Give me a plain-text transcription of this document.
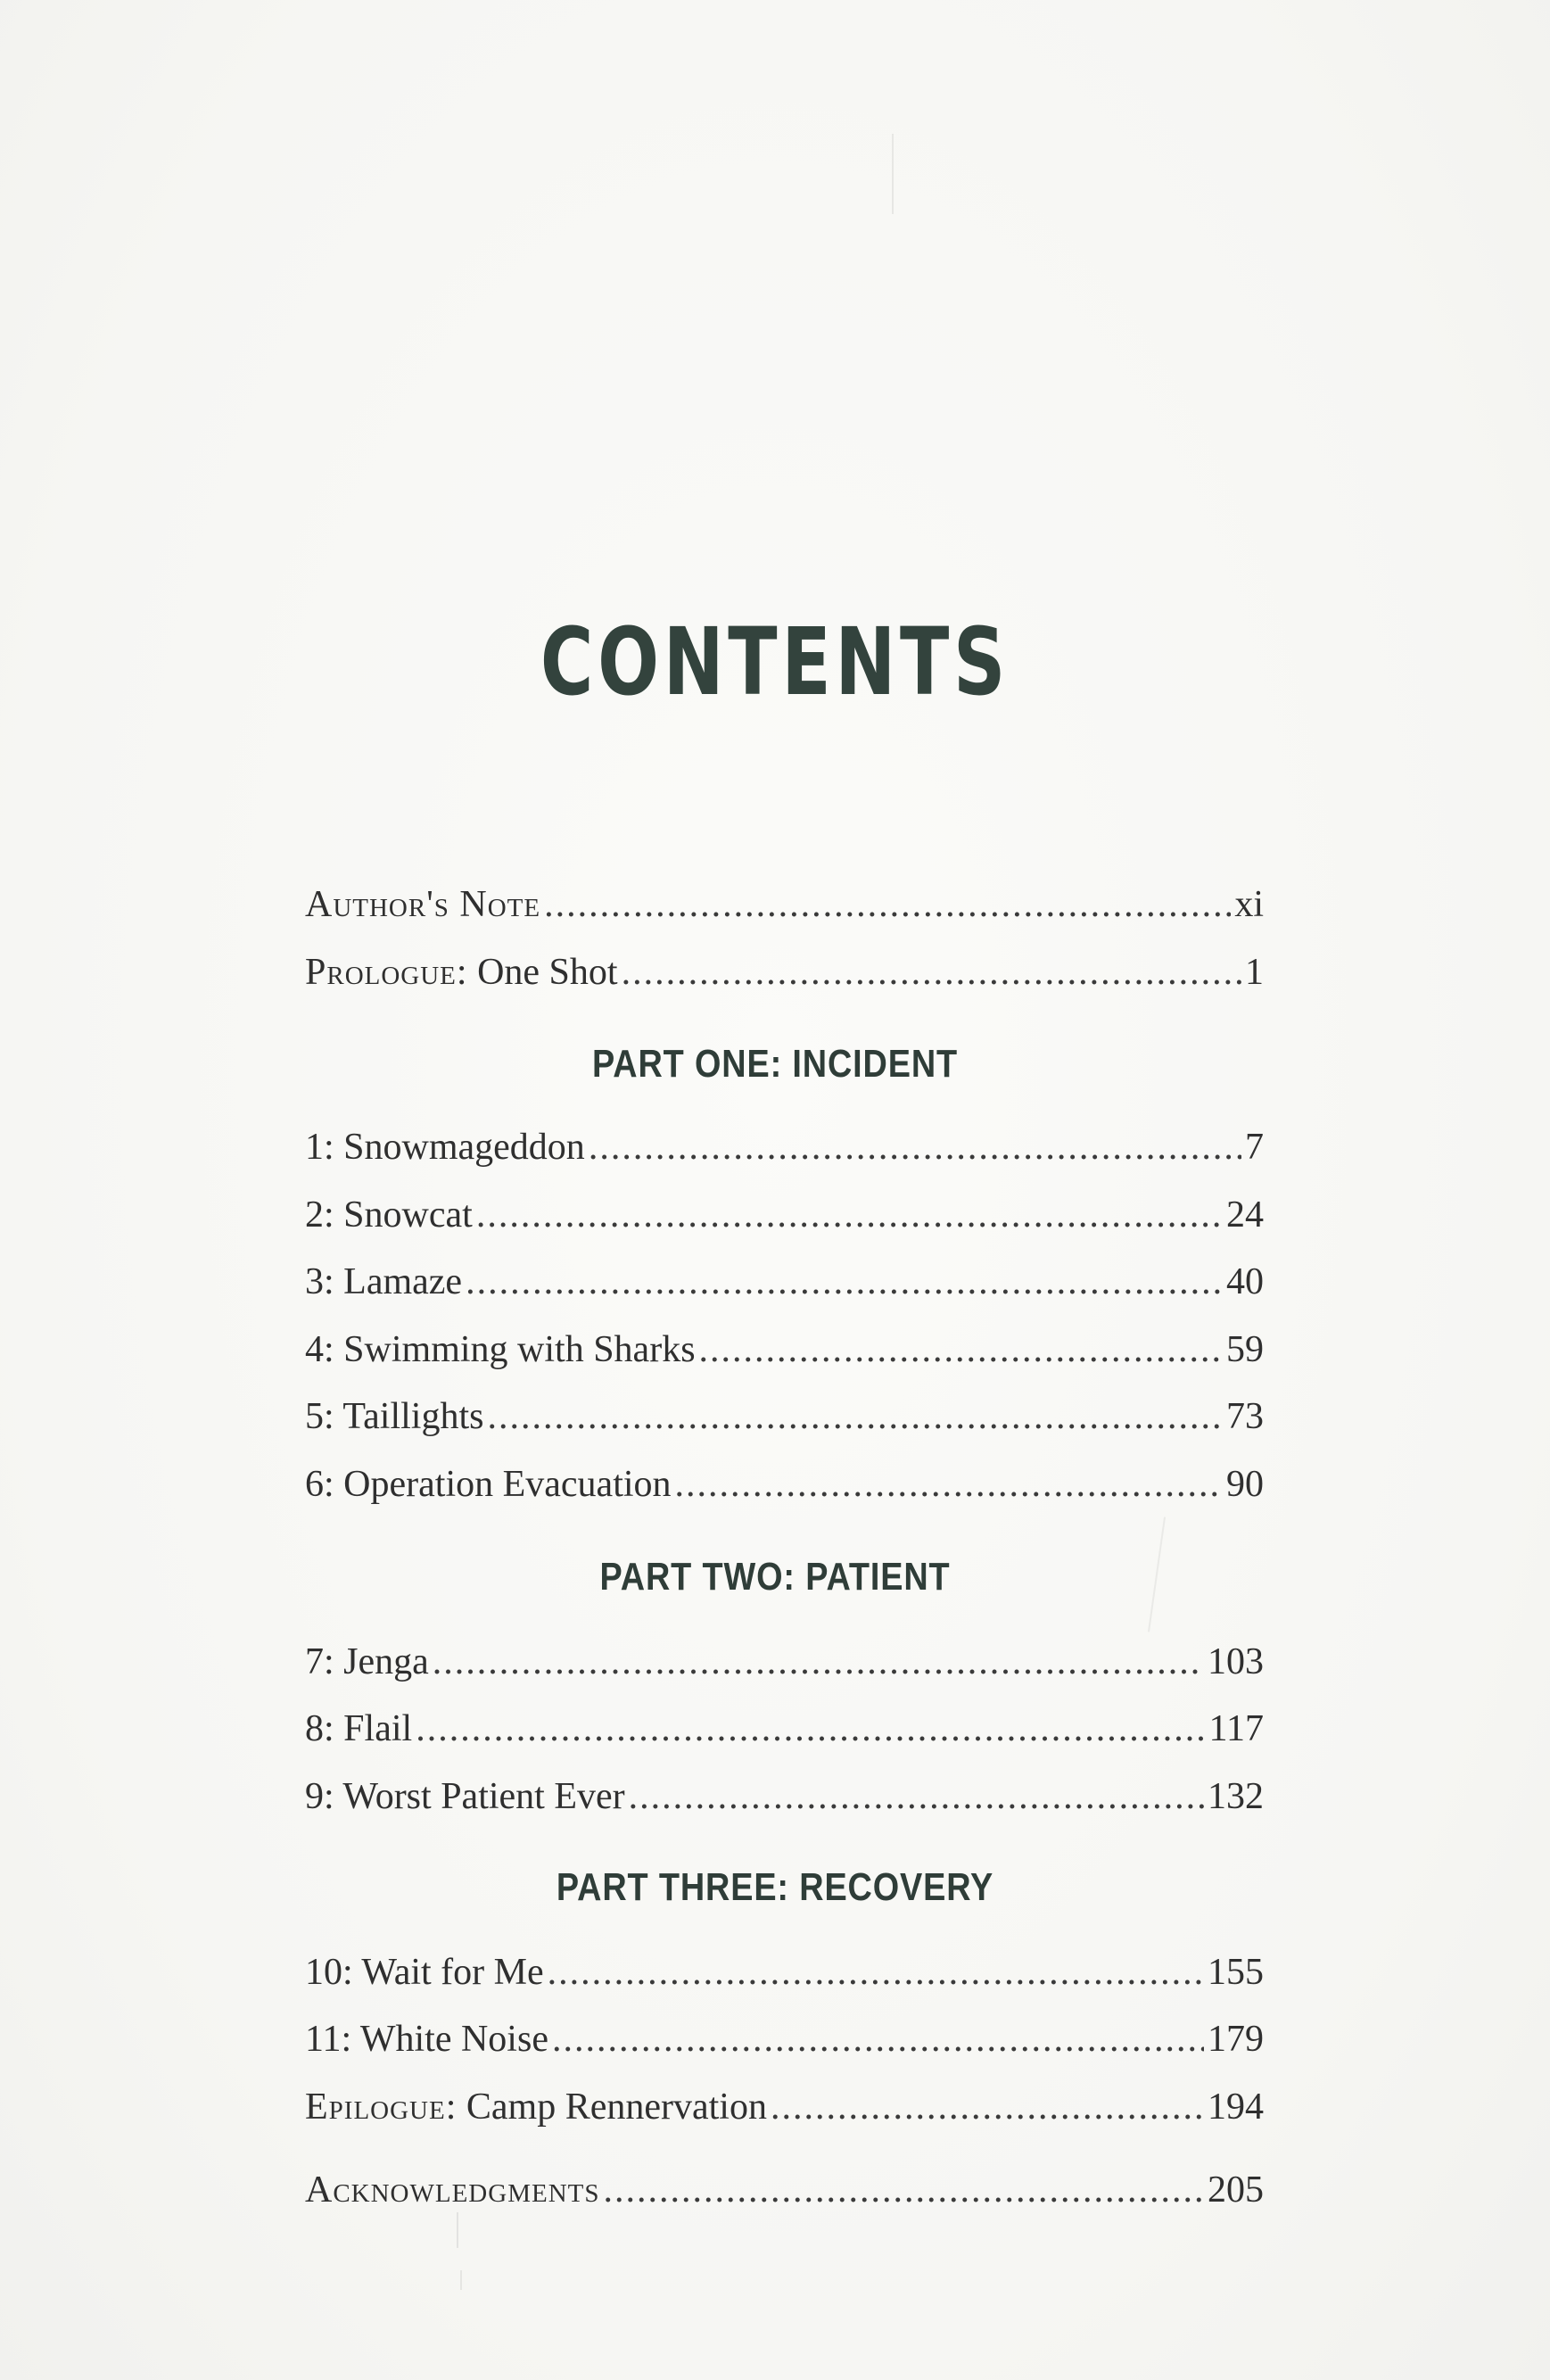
CONTENTS
Author's Note .....	xi
Prologue: One Shot .....	1
PART ONE: INCIDENT
1: Snowmageddon .....	7
2: Snowcat .....	24
3: Lamaze .....	40
4: Swimming with Sharks .....	59
5: Taillights .....	73
6: Operation Evacuation .....	90
PART TWO: PATIENT
7: Jenga .....	103
8: Flail .....	117
9: Worst Patient Ever .....	132
PART THREE: RECOVERY
10: Wait for Me .....	155
11: White Noise .....	179
Epilogue: Camp Rennervation .....	194
Acknowledgments .....	205
